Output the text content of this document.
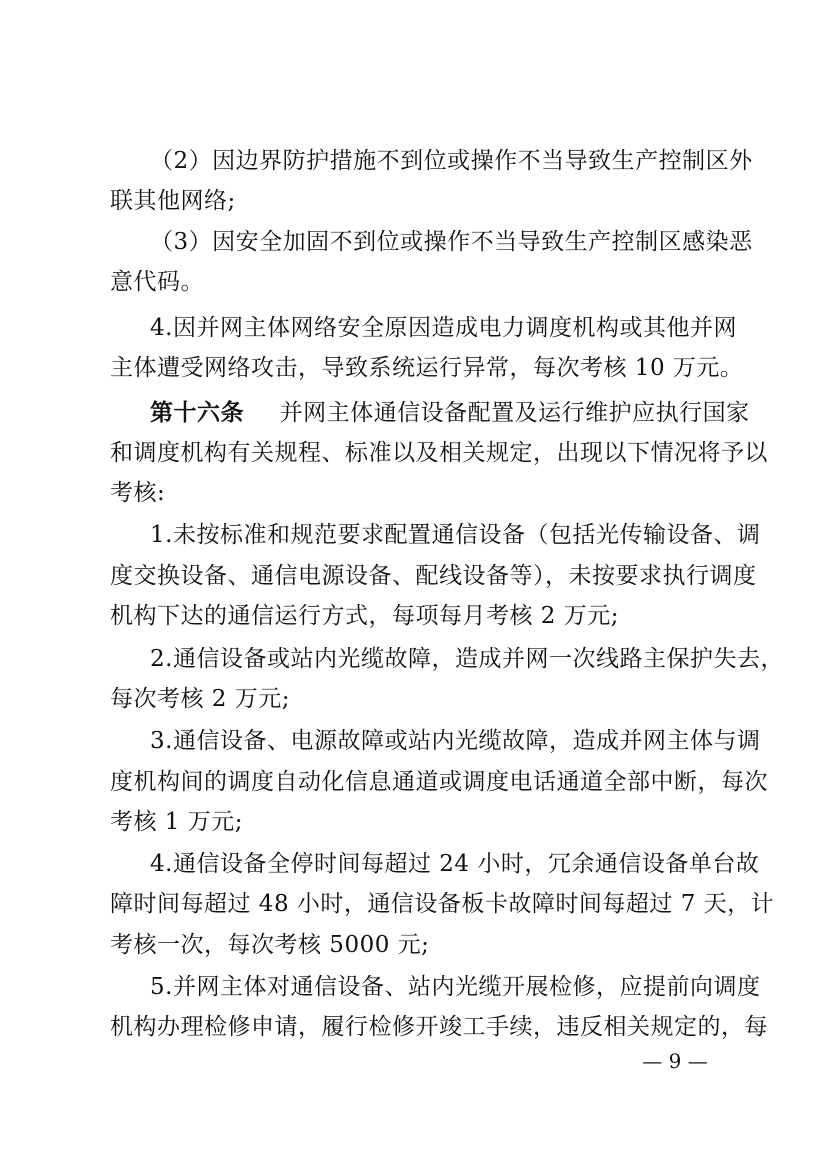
（2）因边界防护措施不到位或操作不当导致生产控制区外
联其他网络;
（3）因安全加固不到位或操作不当导致生产控制区感染恶
意代码。
4.因并网主体网络安全原因造成电力调度机构或其他并网
主体遭受网络攻击，导致系统运行异常，每次考核 10 万元。
第十六条 并网主体通信设备配置及运行维护应执行国家
和调度机构有关规程、标准以及相关规定，出现以下情况将予以
考核:
1.未按标准和规范要求配置通信设备（包括光传输设备、调
度交换设备、通信电源设备、配线设备等），未按要求执行调度
机构下达的通信运行方式，每项每月考核 2 万元;
2.通信设备或站内光缆故障，造成并网一次线路主保护失去，
每次考核 2 万元;
3.通信设备、电源故障或站内光缆故障，造成并网主体与调
度机构间的调度自动化信息通道或调度电话通道全部中断，每次
考核 1 万元;
4.通信设备全停时间每超过 24 小时，冗余通信设备单台故
障时间每超过 48 小时，通信设备板卡故障时间每超过 7 天，计
考核一次，每次考核 5000 元;
5.并网主体对通信设备、站内光缆开展检修，应提前向调度
机构办理检修申请，履行检修开竣工手续，违反相关规定的，每
— 9 —
